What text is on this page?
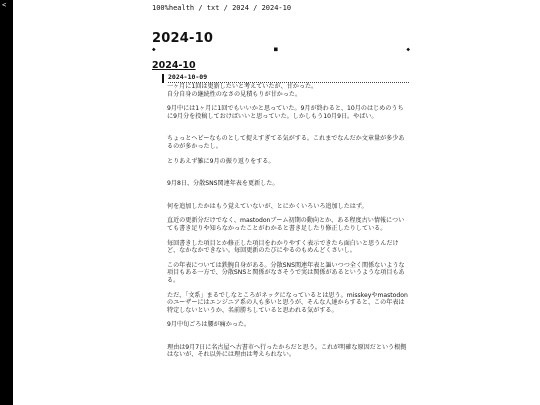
<	100%health / txt / 2024 / 2024-10
2024-10
◆	■	◆
2024-10
2024-10-09

一ヶ月に1回は更新したいと考えていたが、甘かった。

自分自身の継続性のなさの見積もりが甘かった。

9月中には1ヶ月に1回でもいいかと思っていた。9月が終わると、10月のはじめのうちに9月分を投稿しておけばいいと思っていた。しかしもう10月9日。やばい。

ちょっとヘビーなものとして捉えすぎてる気がする。これまでなんだか文章量が多少あるのが多かったし。

とりあえず雑に9月の振り返りをする。

9月8日、分散SNS関連年表を更新した。

何を追加したかはもう覚えていないが、とにかくいろいろ追加したはず。

直近の更新分だけでなく、mastodonブーム初期の動向とか、ある程度古い情報についても書き足りや知らなかったことがわかると書き足したり修正したりしている。

毎回書きした項目とか修正した項目をわかりやすく表示できたら面白いと思うんだけど、なかなかできない。毎回更新のたびにやるのもめんどくさいし。

この年表については鉄腕自身がある。分散SNS関連年表と謳いつつ全く関係ないような項目もある一方で、分散SNSと関係がなさそうで実は関係があるというような項目もある。

ただ、「文系」まるでしなところがネックになっているとは思う。misskeyやmastodonのユーザーにはエンジニア系の人も多いと思うが、そんな人達からすると、この年表は特定しないというか、名前勝ちしていると思われる気がする。

9月中旬ごろは腰が痛かった。

理由は9月7日に名古屋へ古書市へ行ったからだと思う。これが明確な原因だという根拠はないが、それ以外には理由は考えられない。
